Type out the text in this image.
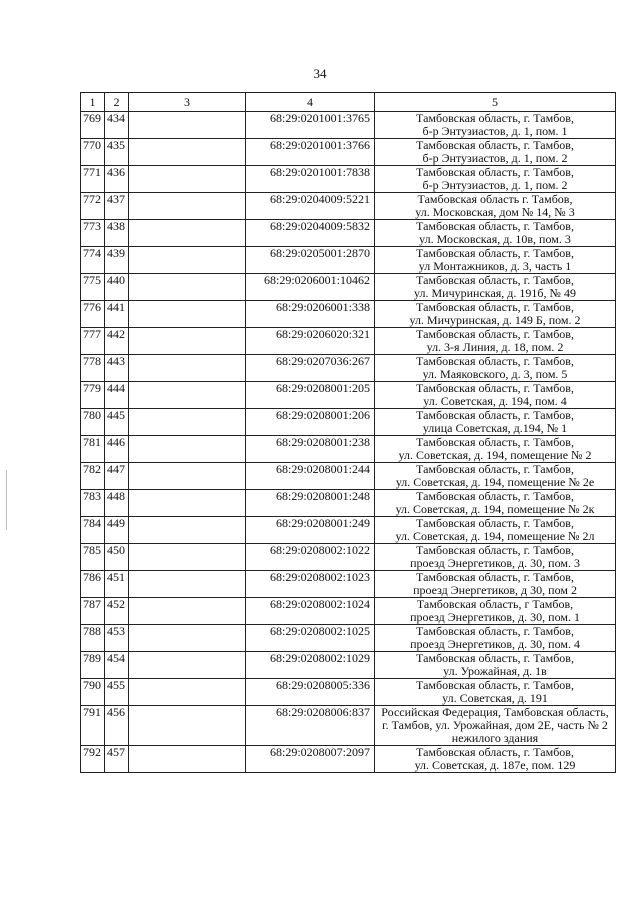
34
1	2	3	4	5
769	434		68:29:0201001:3765	Тамбовская область, г. Тамбов,
б-р Энтузиастов, д. 1, пом. 1

770	435		68:29:0201001:3766	Тамбовская область, г. Тамбов,
б-р Энтузиастов, д. 1, пом. 2

771	436		68:29:0201001:7838	Тамбовская область, г. Тамбов,
б-р Энтузиастов, д. 1, пом. 2

772	437		68:29:0204009:5221	Тамбовская область г. Тамбов,
ул. Московская, дом № 14, № 3

773	438		68:29:0204009:5832	Тамбовская область, г. Тамбов,
ул. Московская, д. 10в, пом. 3

774	439		68:29:0205001:2870	Тамбовская область, г. Тамбов,
ул Монтажников, д. 3, часть 1

775	440		68:29:0206001:10462	Тамбовская область, г. Тамбов,
ул. Мичуринская, д. 191б, № 49

776	441		68:29:0206001:338	Тамбовская область, г. Тамбов,
ул. Мичуринская, д. 149 Б, пом. 2

777	442		68:29:0206020:321	Тамбовская область, г. Тамбов,
ул. 3-я Линия, д. 18, пом. 2

778	443		68:29:0207036:267	Тамбовская область, г. Тамбов,
ул. Маяковского, д. 3, пом. 5

779	444		68:29:0208001:205	Тамбовская область, г. Тамбов,
ул. Советская, д. 194, пом. 4

780	445		68:29:0208001:206	Тамбовская область, г. Тамбов,
улица Советская, д.194, № 1

781	446		68:29:0208001:238	Тамбовская область, г. Тамбов,
ул. Советская, д. 194, помещение № 2

782	447		68:29:0208001:244	Тамбовская область, г. Тамбов,
ул. Советская, д. 194, помещение № 2е

783	448		68:29:0208001:248	Тамбовская область, г. Тамбов,
ул. Советская, д. 194, помещение № 2к

784	449		68:29:0208001:249	Тамбовская область, г. Тамбов,
ул. Советская, д. 194, помещение № 2л

785	450		68:29:0208002:1022	Тамбовская область, г. Тамбов,
проезд Энергетиков, д. 30, пом. 3

786	451		68:29:0208002:1023	Тамбовская область, г. Тамбов,
проезд Энергетиков, д 30, пом 2

787	452		68:29:0208002:1024	Тамбовская область, г Тамбов,
проезд Энергетиков, д. 30, пом. 1

788	453		68:29:0208002:1025	Тамбовская область, г. Тамбов,
проезд Энергетиков, д. 30, пом. 4

789	454		68:29:0208002:1029	Тамбовская область, г. Тамбов,
ул. Урожайная, д. 1в

790	455		68:29:0208005:336	Тамбовская область, г. Тамбов,
ул. Советская, д. 191

791	456		68:29:0208006:837	Российская Федерация, Тамбовская область,
г. Тамбов, ул. Урожайная, дом 2Е, часть № 2
нежилого здания

792	457		68:29:0208007:2097	Тамбовская область, г. Тамбов,
ул. Советская, д. 187е, пом. 129
